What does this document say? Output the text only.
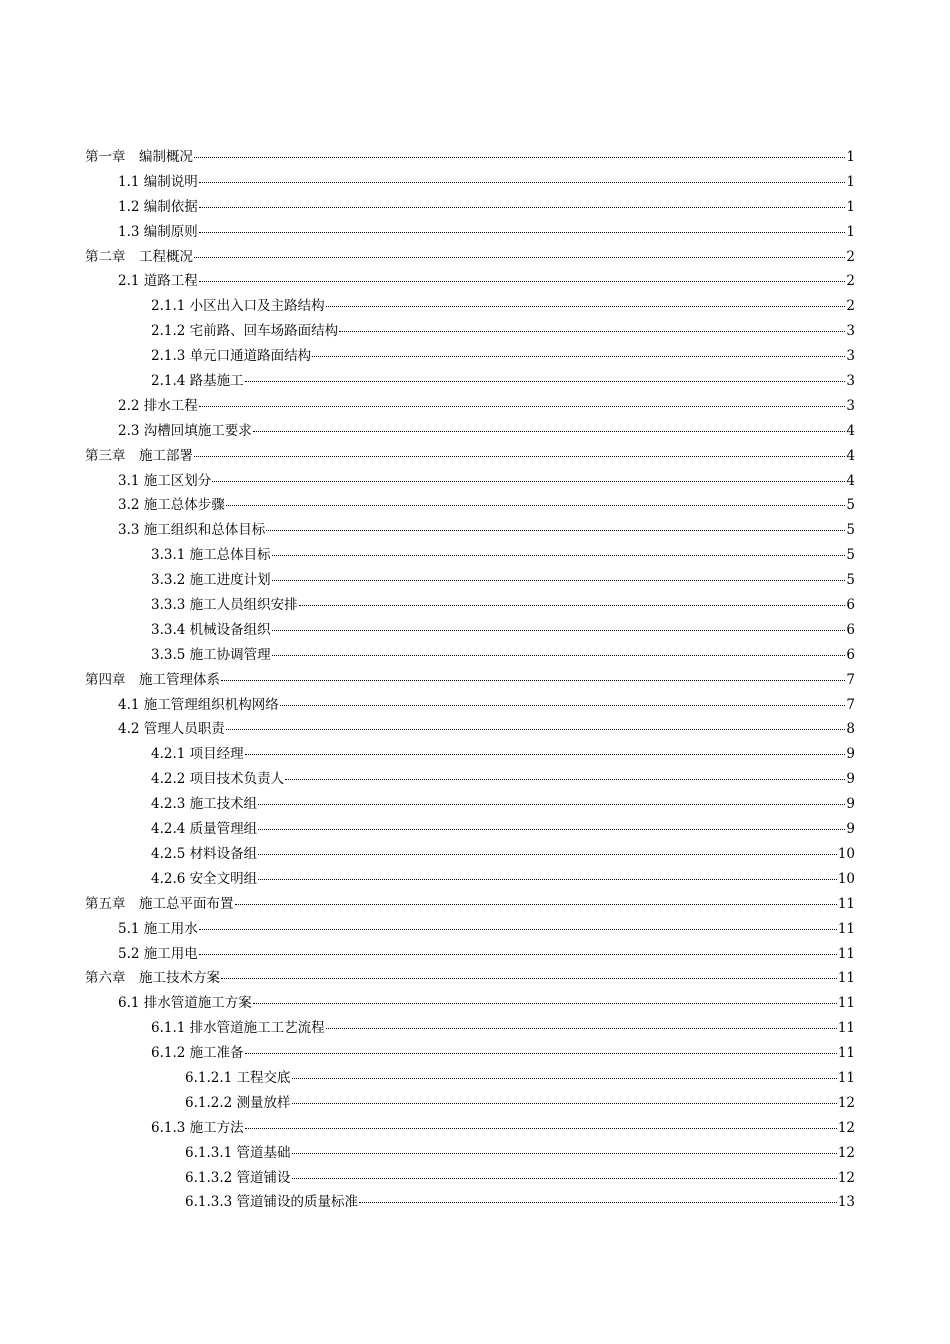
第一章　编制概况	1
1.1 编制说明	1
1.2 编制依据	1
1.3 编制原则	1
第二章　工程概况	2
2.1 道路工程	2
2.1.1 小区出入口及主路结构	2
2.1.2 宅前路、回车场路面结构	3
2.1.3 单元口通道路面结构	3
2.1.4 路基施工	3
2.2 排水工程	3
2.3 沟槽回填施工要求	4
第三章　施工部署	4
3.1 施工区划分	4
3.2 施工总体步骤	5
3.3 施工组织和总体目标	5
3.3.1 施工总体目标	5
3.3.2 施工进度计划	5
3.3.3 施工人员组织安排	6
3.3.4 机械设备组织	6
3.3.5 施工协调管理	6
第四章　施工管理体系	7
4.1 施工管理组织机构网络	7
4.2 管理人员职责	8
4.2.1 项目经理	9
4.2.2 项目技术负责人	9
4.2.3 施工技术组	9
4.2.4 质量管理组	9
4.2.5 材料设备组	10
4.2.6 安全文明组	10
第五章　施工总平面布置	11
5.1 施工用水	11
5.2 施工用电	11
第六章　施工技术方案	11
6.1 排水管道施工方案	11
6.1.1 排水管道施工工艺流程	11
6.1.2 施工准备	11
6.1.2.1 工程交底	11
6.1.2.2 测量放样	12
6.1.3 施工方法	12
6.1.3.1 管道基础	12
6.1.3.2 管道铺设	12
6.1.3.3 管道铺设的质量标准	13
